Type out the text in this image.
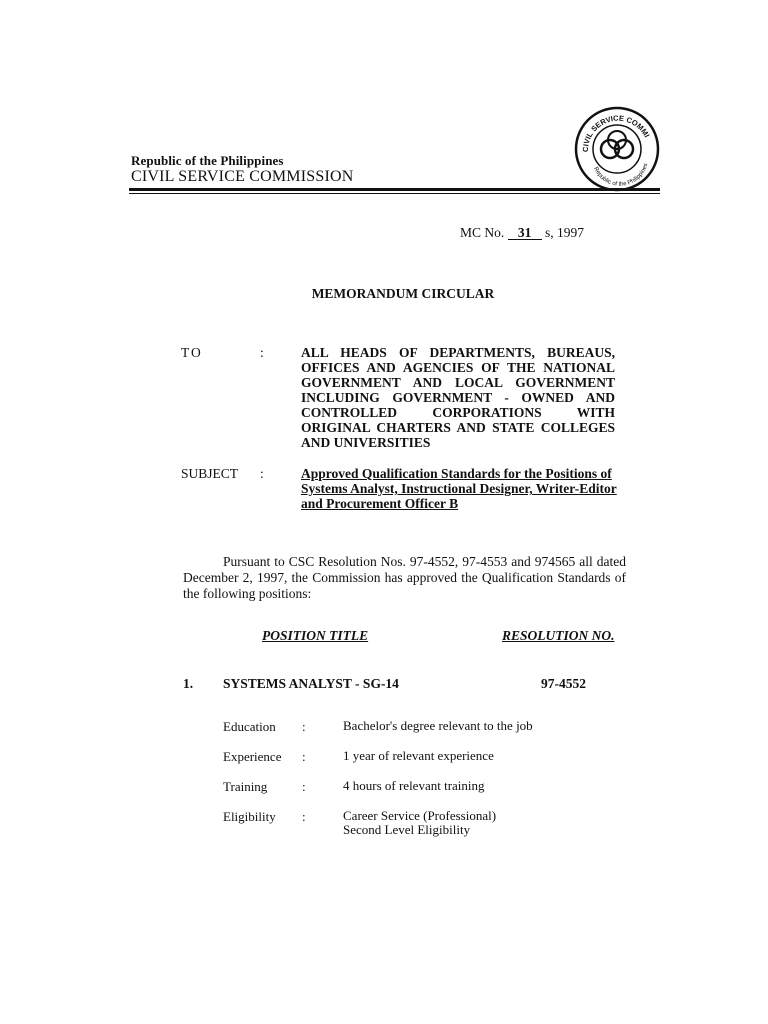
Republic of the Philippines
CIVIL SERVICE COMMISSION
CIVIL SERVICE COMMI
Republic of the Philippines
MC No. 31 s, 1997
MEMORANDUM CIRCULAR
TO	:	ALL HEADS OF DEPARTMENTS, BUREAUS,
OFFICES AND AGENCIES OF THE NATIONAL
GOVERNMENT AND LOCAL GOVERNMENT
INCLUDING GOVERNMENT - OWNED AND
CONTROLLED CORPORATIONS WITH
ORIGINAL CHARTERS AND STATE COLLEGES
AND UNIVERSITIES
SUBJECT :	Approved Qualification Standards for the Positions of
Systems Analyst, Instructional Designer, Writer-Editor
and Procurement Officer B
Pursuant to CSC Resolution Nos. 97-4552, 97-4553 and 974565 all dated December 2, 1997, the Commission has approved the Qualification Standards of the following positions:
POSITION TITLE	RESOLUTION NO.
1. SYSTEMS ANALYST - SG-14	97-4552
Education :	Bachelor's degree relevant to the job
Experience :	1 year of relevant experience
Training	:	4 hours of relevant training
Eligibility :	Career Service (Professional)
Second Level Eligibility
